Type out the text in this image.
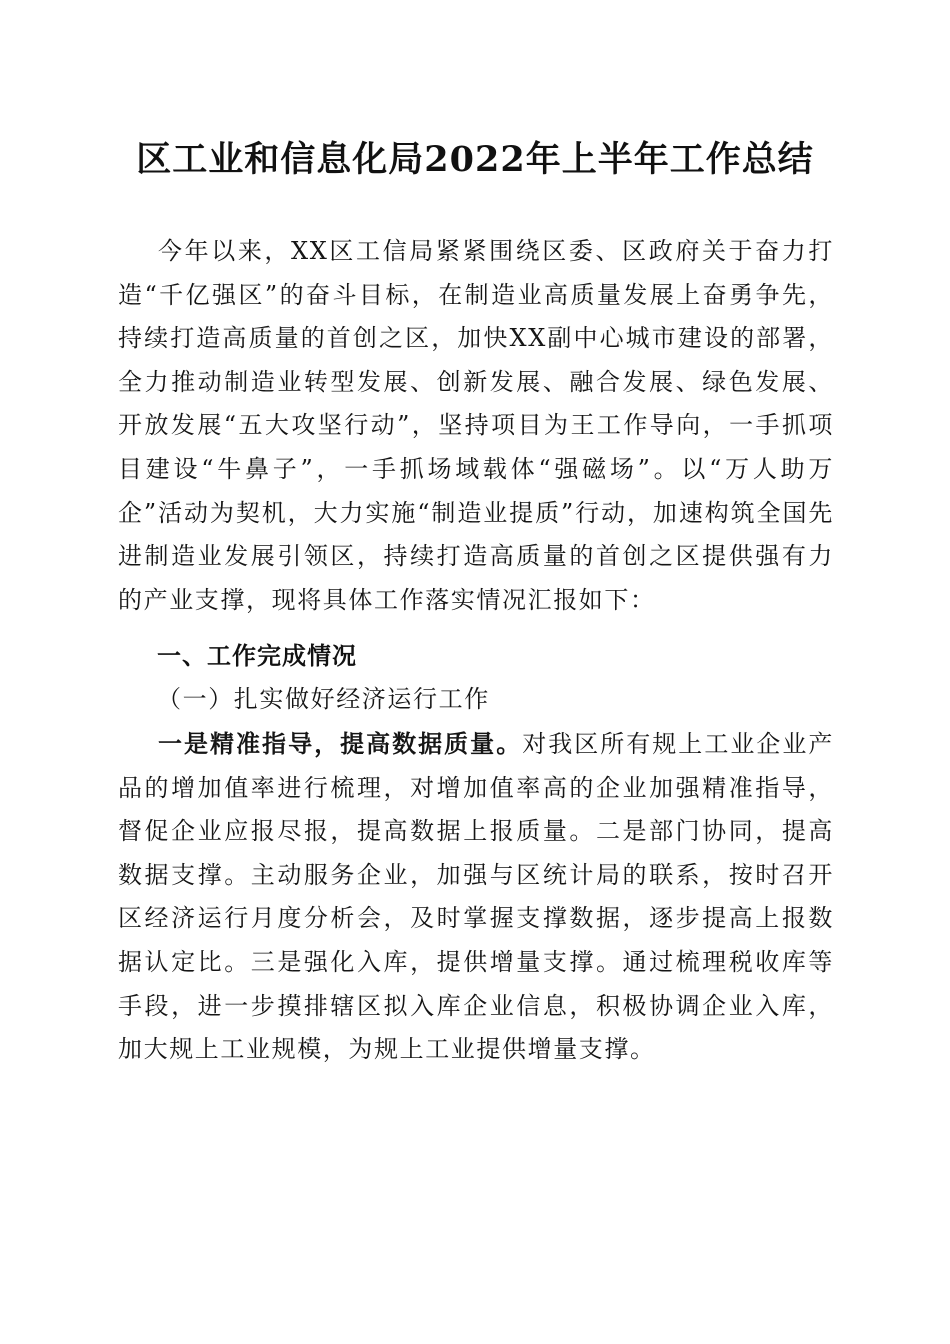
区工业和信息化局2022年上半年工作总结
今年以来，XX区工信局紧紧围绕区委、区政府关于奋力打造“千亿强区”的奋斗目标，在制造业高质量发展上奋勇争先，持续打造高质量的首创之区，加快XX副中心城市建设的部署，全力推动制造业转型发展、创新发展、融合发展、绿色发展、开放发展“五大攻坚行动”，坚持项目为王工作导向，一手抓项目建设“牛鼻子”，一手抓场域载体“强磁场”。以“万人助万企”活动为契机，大力实施“制造业提质”行动，加速构筑全国先进制造业发展引领区，持续打造高质量的首创之区提供强有力的产业支撑，现将具体工作落实情况汇报如下：
一、工作完成情况
（一）扎实做好经济运行工作
一是精准指导，提高数据质量。对我区所有规上工业企业产品的增加值率进行梳理，对增加值率高的企业加强精准指导，督促企业应报尽报，提高数据上报质量。二是部门协同，提高数据支撑。主动服务企业，加强与区统计局的联系，按时召开区经济运行月度分析会，及时掌握支撑数据，逐步提高上报数据认定比。三是强化入库，提供增量支撑。通过梳理税收库等手段，进一步摸排辖区拟入库企业信息，积极协调企业入库，加大规上工业规模，为规上工业提供增量支撑。
